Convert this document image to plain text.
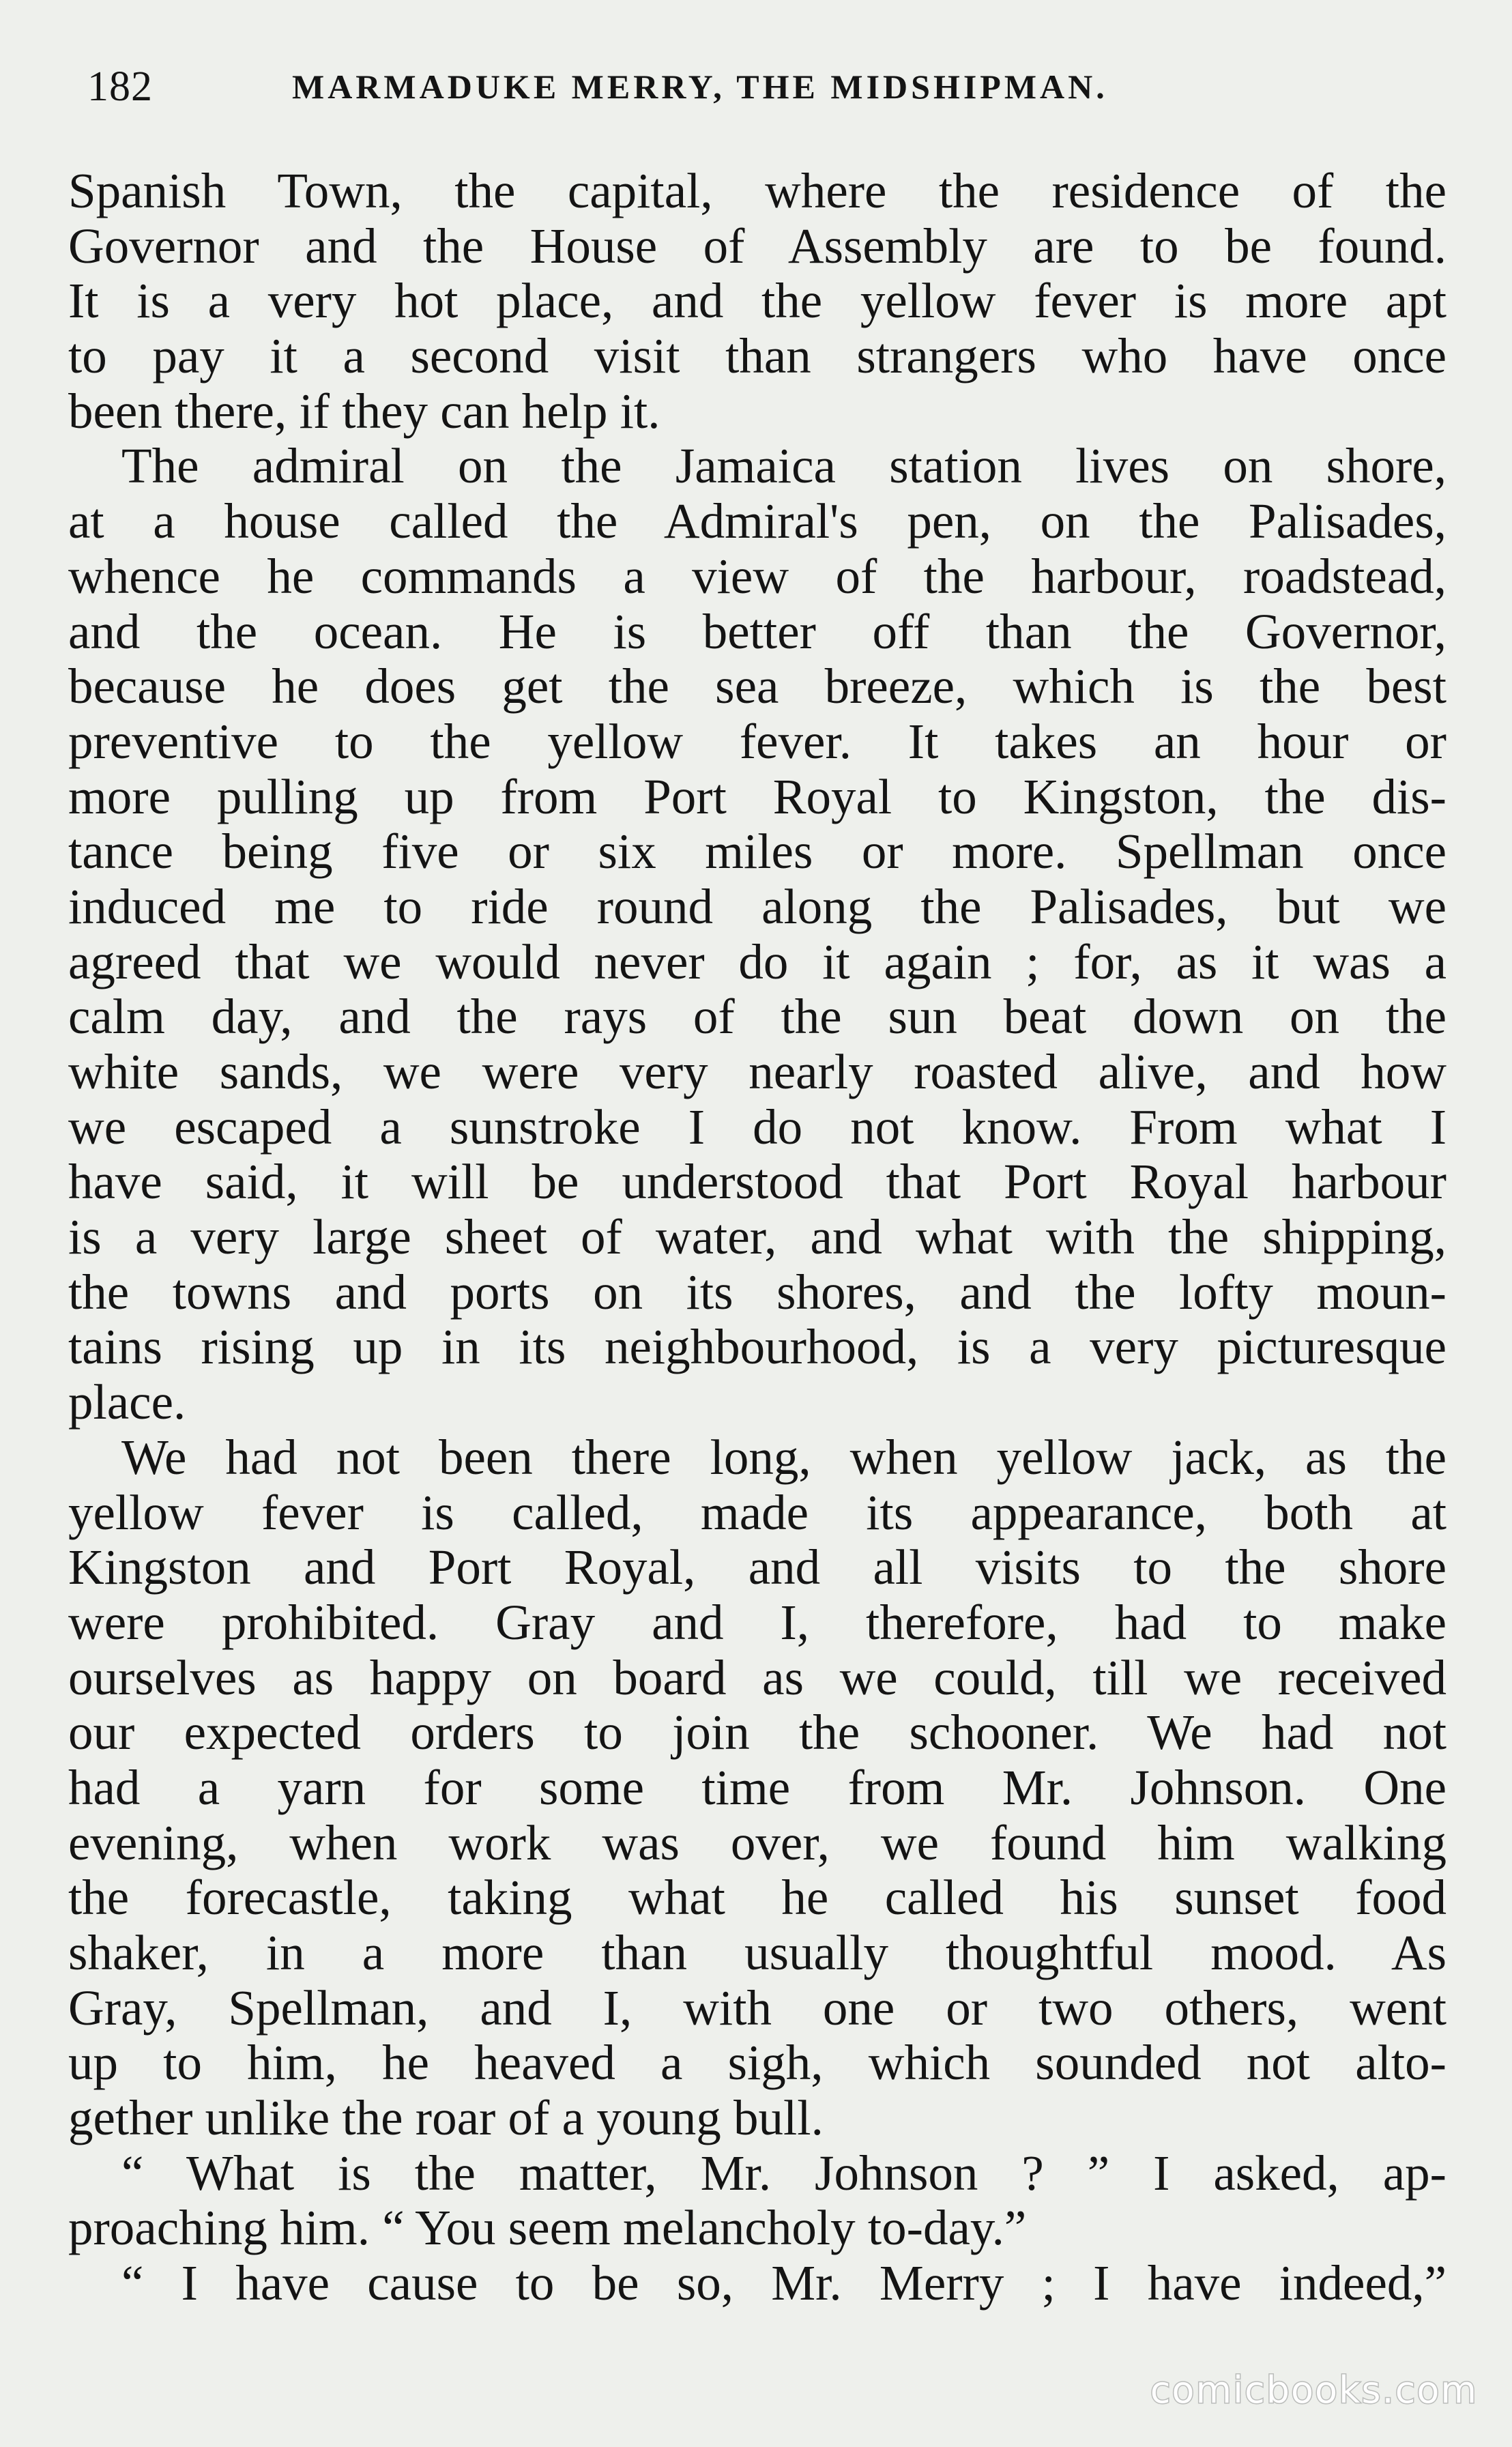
182	MARMADUKE MERRY, THE MIDSHIPMAN.
Spanish Town, the capital, where the residence of the
Governor and the House of Assembly are to be found.
It is a very hot place, and the yellow fever is more apt
to pay it a second visit than strangers who have once
been there, if they can help it.
The admiral on the Jamaica station lives on shore,
at a house called the Admiral's pen, on the Palisades,
whence he commands a view of the harbour, roadstead,
and the ocean. He is better off than the Governor,
because he does get the sea breeze, which is the best
preventive to the yellow fever. It takes an hour or
more pulling up from Port Royal to Kingston, the dis-
tance being five or six miles or more. Spellman once
induced me to ride round along the Palisades, but we
agreed that we would never do it again ; for, as it was a
calm day, and the rays of the sun beat down on the
white sands, we were very nearly roasted alive, and how
we escaped a sunstroke I do not know. From what I
have said, it will be understood that Port Royal harbour
is a very large sheet of water, and what with the shipping,
the towns and ports on its shores, and the lofty moun-
tains rising up in its neighbourhood, is a very picturesque
place.
We had not been there long, when yellow jack, as the
yellow fever is called, made its appearance, both at
Kingston and Port Royal, and all visits to the shore
were prohibited. Gray and I, therefore, had to make
ourselves as happy on board as we could, till we received
our expected orders to join the schooner. We had not
had a yarn for some time from Mr. Johnson. One
evening, when work was over, we found him walking
the forecastle, taking what he called his sunset food
shaker, in a more than usually thoughtful mood. As
Gray, Spellman, and I, with one or two others, went
up to him, he heaved a sigh, which sounded not alto-
gether unlike the roar of a young bull.
“ What is the matter, Mr. Johnson ? ” I asked, ap-
proaching him. “ You seem melancholy to-day.”
“ I have cause to be so, Mr. Merry ; I have indeed,”
comicbooks.com
